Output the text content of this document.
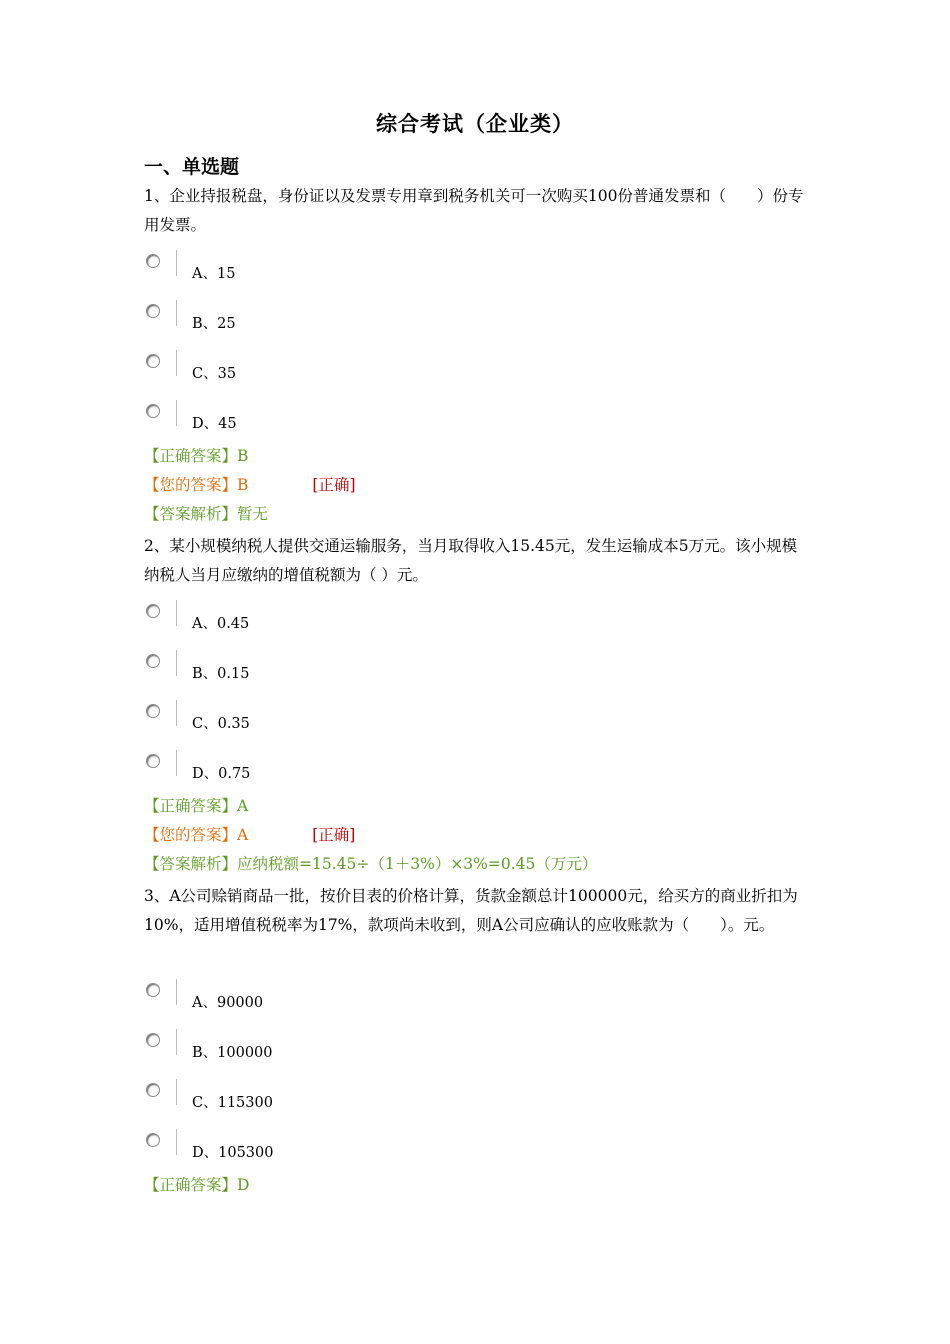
综合考试（企业类）
一、单选题
1、企业持报税盘，身份证以及发票专用章到税务机关可一次购买100份普通发票和（　　）份专用发票。
A、15
B、25
C、35
D、45
【正确答案】B
【您的答案】B	[正确]
【答案解析】暂无
2、某小规模纳税人提供交通运输服务，当月取得收入15.45元，发生运输成本5万元。该小规模纳税人当月应缴纳的增值税额为（ ）元。
A、0.45
B、0.15
C、0.35
D、0.75
【正确答案】A
【您的答案】A	[正确]
【答案解析】应纳税额=15.45÷（1＋3%）×3%=0.45（万元）
3、A公司赊销商品一批，按价目表的价格计算，货款金额总计100000元，给买方的商业折扣为10%，适用增值税税率为17%，款项尚未收到，则A公司应确认的应收账款为（　　）。元。
A、90000
B、100000
C、115300
D、105300
【正确答案】D
